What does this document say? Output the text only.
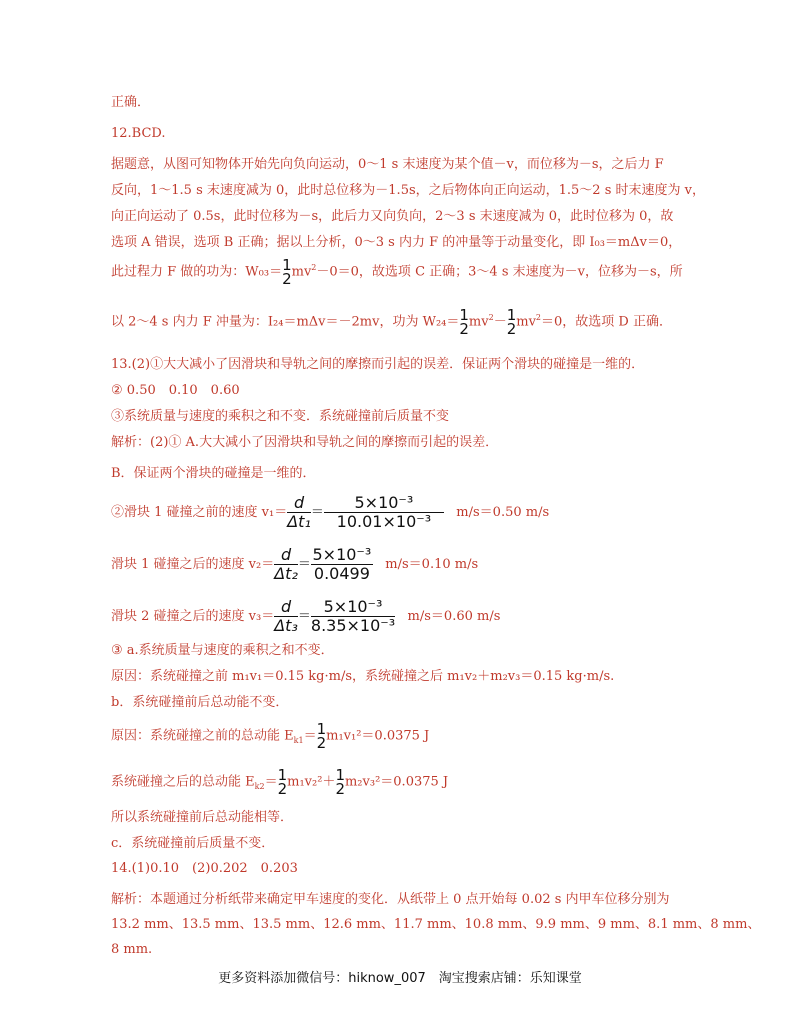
正确．
12.BCD.
据题意，从图可知物体开始先向负向运动，0～1 s 末速度为某个值－v，而位移为－s，之后力 F
反向，1～1.5 s 末速度减为 0，此时总位移为－1.5s，之后物体向正向运动，1.5～2 s 时末速度为 v，
向正向运动了 0.5s，此时位移为－s，此后力又向负向，2～3 s 末速度减为 0，此时位移为 0，故
选项 A 错误，选项 B 正确；据以上分析，0～3 s 内力 F 的冲量等于动量变化，即 I₀₃＝mΔv＝0，
此过程力 F 做的功为：W₀₃＝ 1
2 $mv^2-0=0$，故选项 C 正确；3～4 s 末速度为－v，位移为－s，所
以 2～4 s 内力 F 冲量为：I₂₄＝mΔv＝－2mv，功为 W₂₄＝ 1
2 $mv^2- 1$
2 $mv^2=0$，故选项 D 正确．
13.(2)①大大减小了因滑块和导轨之间的摩擦而引起的误差．保证两个滑块的碰撞是一维的．
② 0.50　0.10　0.60
③系统质量与速度的乘积之和不变．系统碰撞前后质量不变
解析：(2)① A.大大减小了因滑块和导轨之间的摩擦而引起的误差．
B．保证两个滑块的碰撞是一维的．
②滑块 1 碰撞之前的速度 $v_1= \frac{d}{\text{Δt₁}} = \frac{\text{5×10⁻³}}{\text{10.01×10⁻³}} m/s=0.50$ m/s
滑块 1 碰撞之后的速度 $v_2= \frac{d}{\text{Δt₂}} = \frac{\text{5×10⁻³}}{0.0499} m/s=0.10$ m/s
滑块 2 碰撞之后的速度 $v_3= \frac{d}{\text{Δt₃}} = \frac{\text{5×10⁻³}}{\text{8.35×10⁻³}} m/s=0.60$ m/s
③ a.系统质量与速度的乘积之和不变．
原因：系统碰撞之前 m₁v₁＝0.15 kg·m/s，系统碰撞之后 m₁v₂＋m₂v₃＝0.15 kg·m/s.
b．系统碰撞前后总动能不变．
原因：系统碰撞之前的总动能 $E_{k1}= 1$
2 m₁v₁²＝0.0375 J
系统碰撞之后的总动能 $E_{k2}= 1$
2 m₁v₂²＋ 1
2 m₂v₃²＝0.0375 J
所以系统碰撞前后总动能相等．
c．系统碰撞前后质量不变．
14.(1)0.10　(2)0.202　0.203
解析：本题通过分析纸带来确定甲车速度的变化．从纸带上 0 点开始每 0.02 s 内甲车位移分别为
13.2 mm、13.5 mm、13.5 mm、12.6 mm、11.7 mm、10.8 mm、9.9 mm、9 mm、8.1 mm、8 mm、
8 mm.
更多资料添加微信号：hiknow_007　淘宝搜索店铺：乐知课堂
